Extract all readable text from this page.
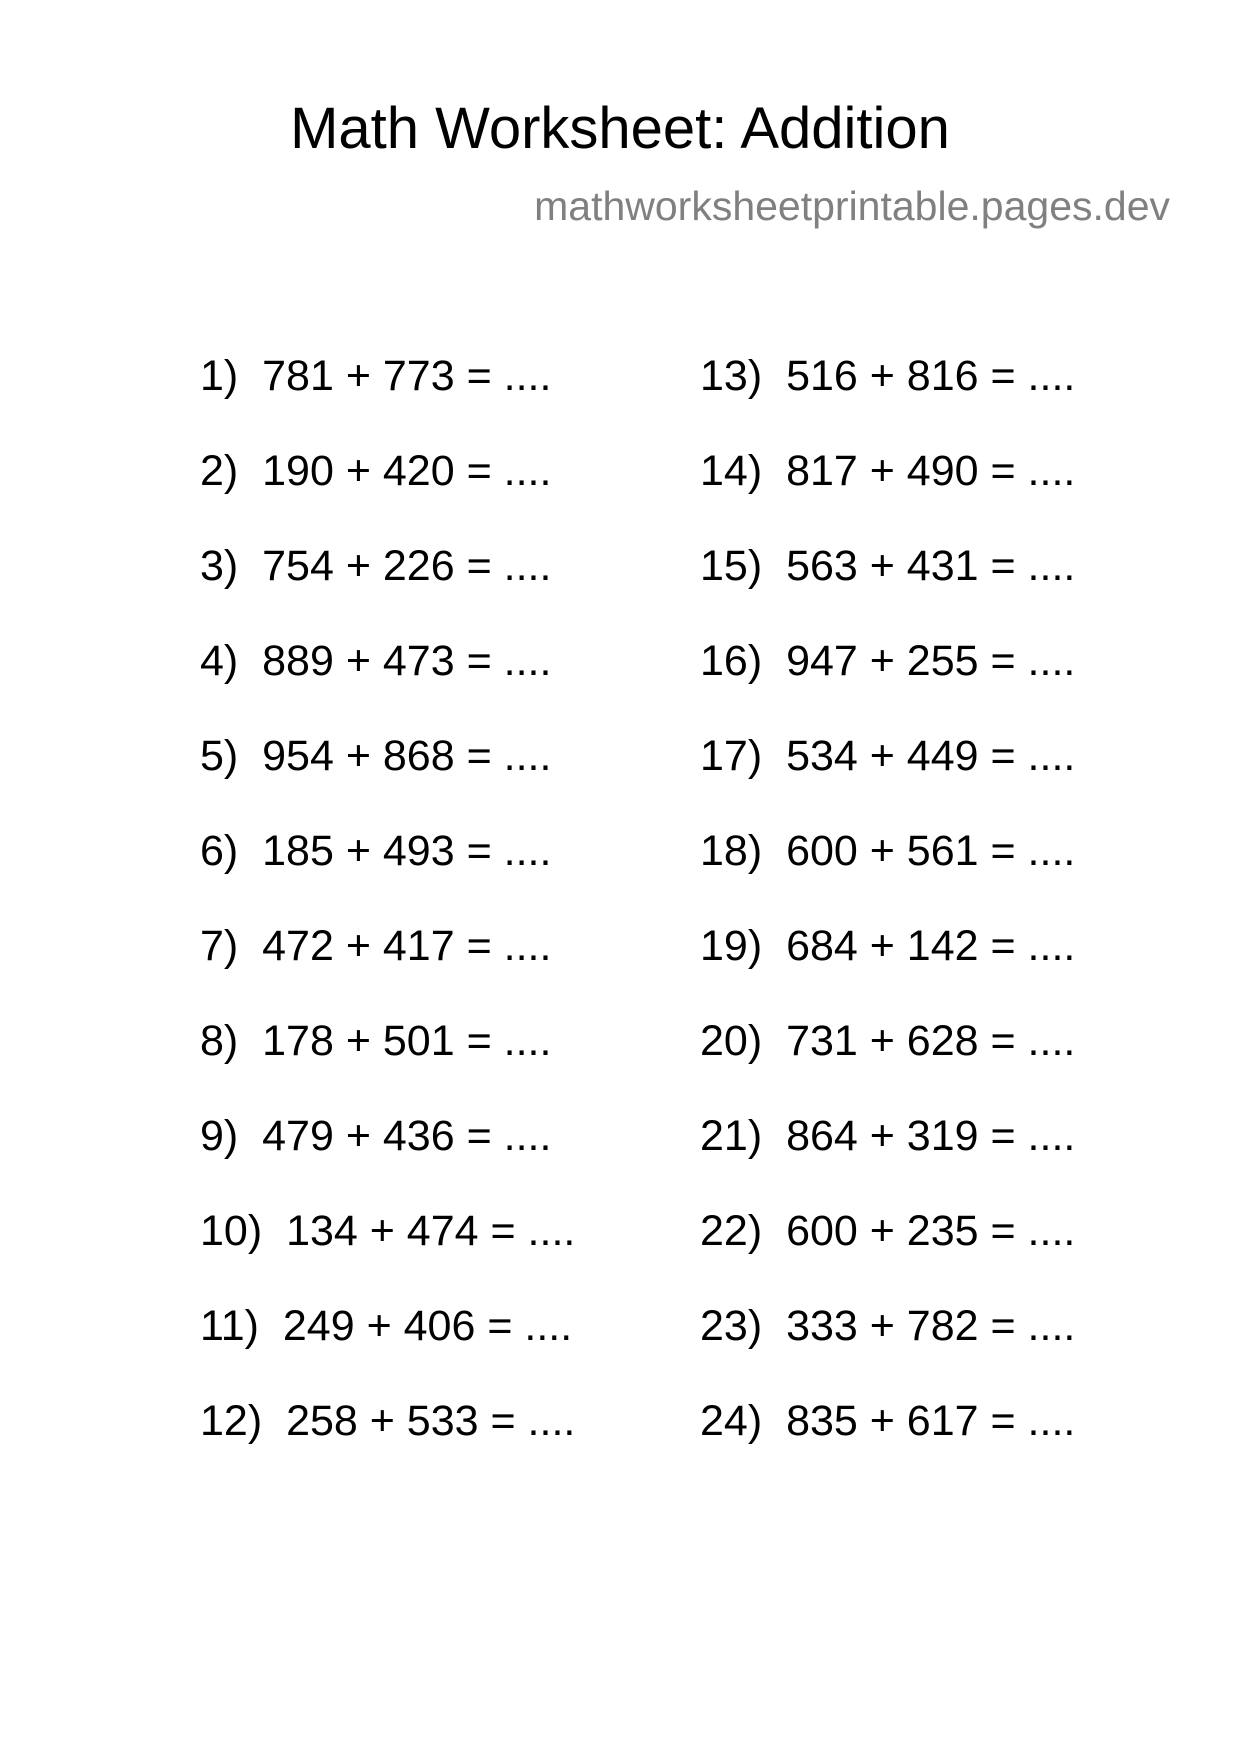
Math Worksheet: Addition
mathworksheetprintable.pages.dev
1) 781 + 773 = ....
2) 190 + 420 = ....
3) 754 + 226 = ....
4) 889 + 473 = ....
5) 954 + 868 = ....
6) 185 + 493 = ....
7) 472 + 417 = ....
8) 178 + 501 = ....
9) 479 + 436 = ....
10) 134 + 474 = ....
11) 249 + 406 = ....
12) 258 + 533 = ....
13) 516 + 816 = ....
14) 817 + 490 = ....
15) 563 + 431 = ....
16) 947 + 255 = ....
17) 534 + 449 = ....
18) 600 + 561 = ....
19) 684 + 142 = ....
20) 731 + 628 = ....
21) 864 + 319 = ....
22) 600 + 235 = ....
23) 333 + 782 = ....
24) 835 + 617 = ....
